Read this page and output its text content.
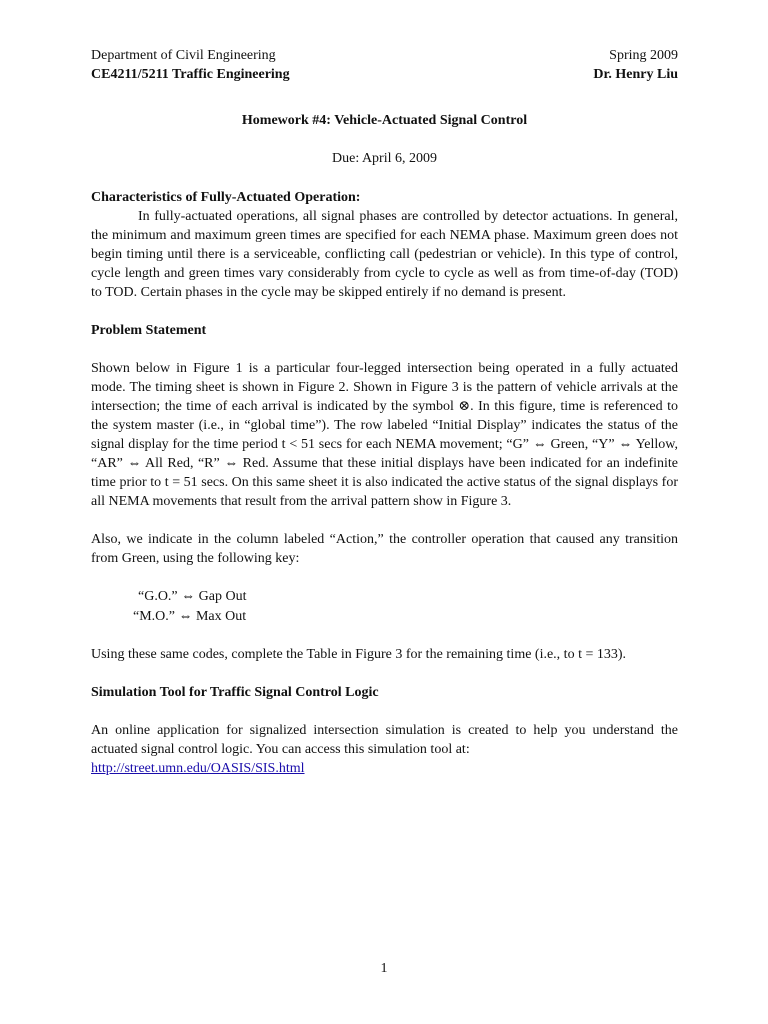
Department of Civil Engineering	Spring 2009
CE4211/5211 Traffic Engineering	Dr. Henry Liu
Homework #4: Vehicle-Actuated Signal Control
Due: April 6, 2009
Characteristics of Fully-Actuated Operation:

In fully-actuated operations, all signal phases are controlled by detector actuations. In general, the minimum and maximum green times are specified for each NEMA phase. Maximum green does not begin timing until there is a serviceable, conflicting call (pedestrian or vehicle). In this type of control, cycle length and green times vary considerably from cycle to cycle as well as from time-of-day (TOD) to TOD. Certain phases in the cycle may be skipped entirely if no demand is present.

Problem Statement

Shown below in Figure 1 is a particular four-legged intersection being operated in a fully actuated mode. The timing sheet is shown in Figure 2. Shown in Figure 3 is the pattern of vehicle arrivals at the intersection; the time of each arrival is indicated by the symbol ⊗. In this figure, time is referenced to the system master (i.e., in “global time”). The row labeled “Initial Display” indicates the status of the signal display for the time period t < 51 secs for each NEMA movement; “G” ⇔ Green, “Y” ⇔ Yellow, “AR” ⇔ All Red, “R” ⇔ Red. Assume that these initial displays have been indicated for an indefinite time prior to t = 51 secs. On this same sheet it is also indicated the active status of the signal displays for all NEMA movements that result from the arrival pattern show in Figure 3.

Also, we indicate in the column labeled “Action,” the controller operation that caused any transition from Green, using the following key:

“G.O.” ⇔ Gap Out
“M.O.” ⇔ Max Out

Using these same codes, complete the Table in Figure 3 for the remaining time (i.e., to t = 133).

Simulation Tool for Traffic Signal Control Logic

An online application for signalized intersection simulation is created to help you understand the actuated signal control logic. You can access this simulation tool at:

http://street.umn.edu/OASIS/SIS.html
1
